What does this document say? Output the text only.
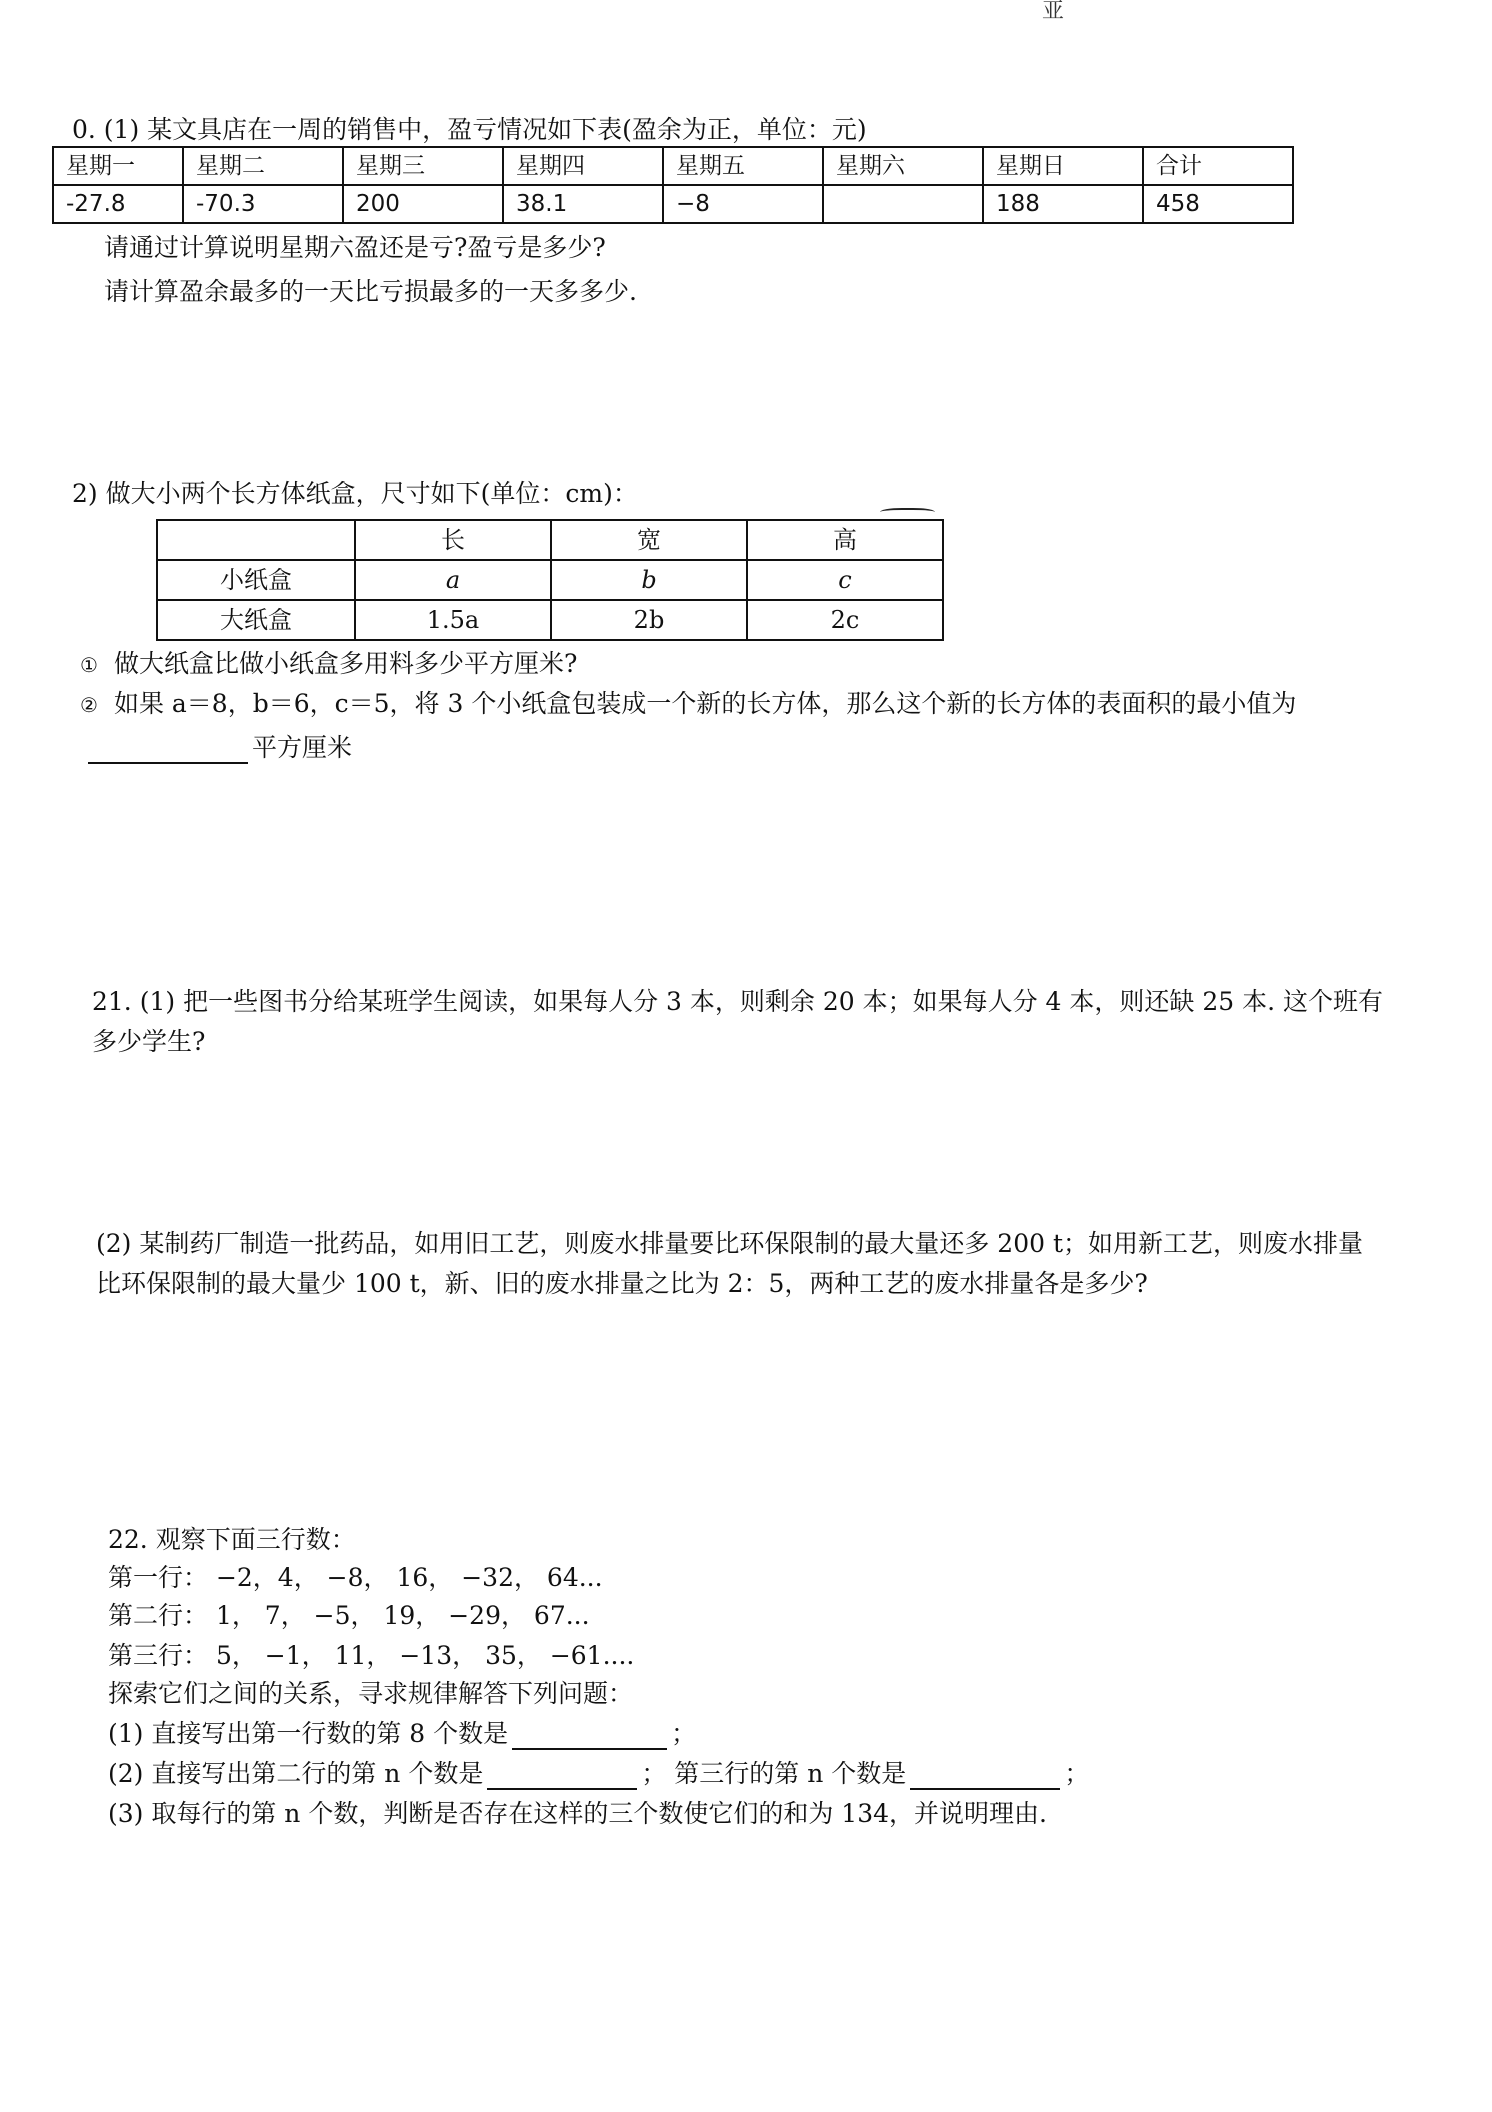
亚
0. (1) 某文具店在一周的销售中，盈亏情况如下表(盈余为正，单位：元)
星期一	星期二	星期三	星期四	星期五	星期六	星期日	合计
-27.8	-70.3	200	38.1	−8		188	458
请通过计算说明星期六盈还是亏?盈亏是多少?
请计算盈余最多的一天比亏损最多的一天多多少.
2) 做大小两个长方体纸盒，尺寸如下(单位：cm)：
	长	宽	高
小纸盒	a	b	c
大纸盒	1.5a	2b	2c
① 做大纸盒比做小纸盒多用料多少平方厘米?
② 如果 a＝8，b＝6，c＝5，将 3 个小纸盒包装成一个新的长方体，那么这个新的长方体的表面积的最小值为
平方厘米
21. (1) 把一些图书分给某班学生阅读，如果每人分 3 本，则剩余 20 本；如果每人分 4 本，则还缺 25 本. 这个班有
多少学生?
(2) 某制药厂制造一批药品，如用旧工艺，则废水排量要比环保限制的最大量还多 200 t；如用新工艺，则废水排量
比环保限制的最大量少 100 t，新、旧的废水排量之比为 2：5，两种工艺的废水排量各是多少?
22. 观察下面三行数：
第一行： −2，4， −8， 16， −32， 64...
第二行： 1， 7， −5， 19， −29， 67...
第三行： 5， −1， 11， −13， 35， −61....
探索它们之间的关系，寻求规律解答下列问题：
(1) 直接写出第一行数的第 8 个数是	；
(2) 直接写出第二行的第 n 个数是	； 第三行的第 n 个数是	；
(3) 取每行的第 n 个数，判断是否存在这样的三个数使它们的和为 134，并说明理由.
